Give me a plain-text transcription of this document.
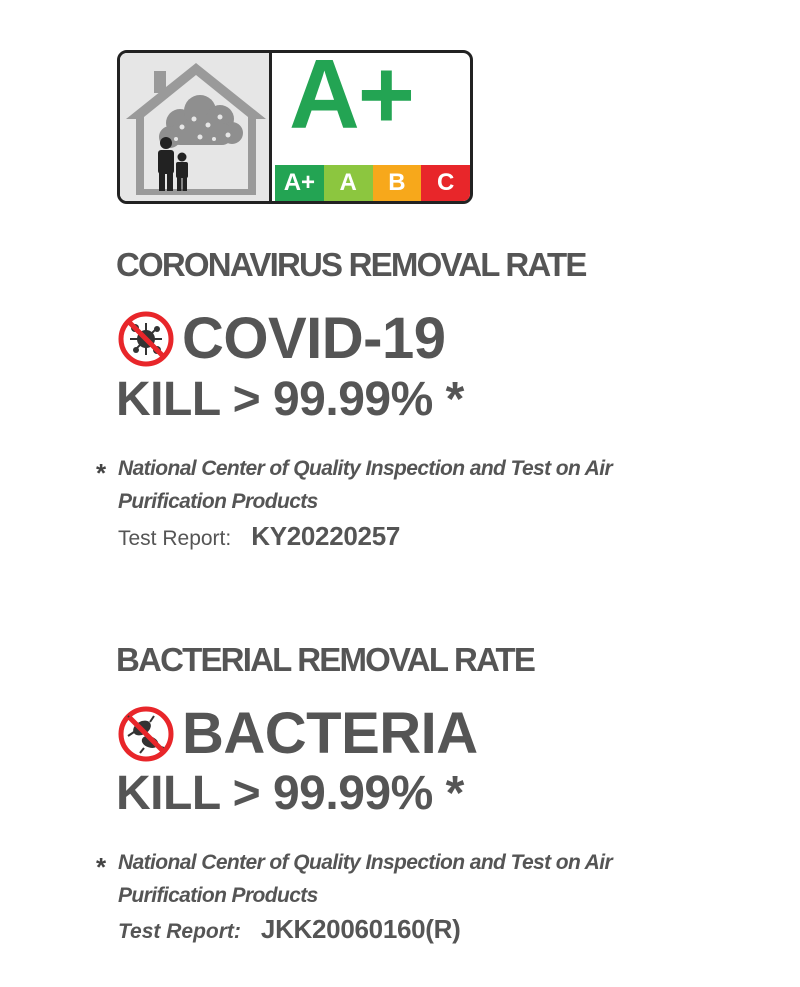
A+
A+	A	B	C
CORONAVIRUS REMOVAL RATE
COVID-19
KILL > 99.99% *
* National Center of Quality Inspection and Test on Air Purification Products
Test Report: KY20220257
BACTERIAL REMOVAL RATE
BACTERIA
KILL > 99.99% *
* National Center of Quality Inspection and Test on Air Purification Products
Test Report: JKK20060160(R)
